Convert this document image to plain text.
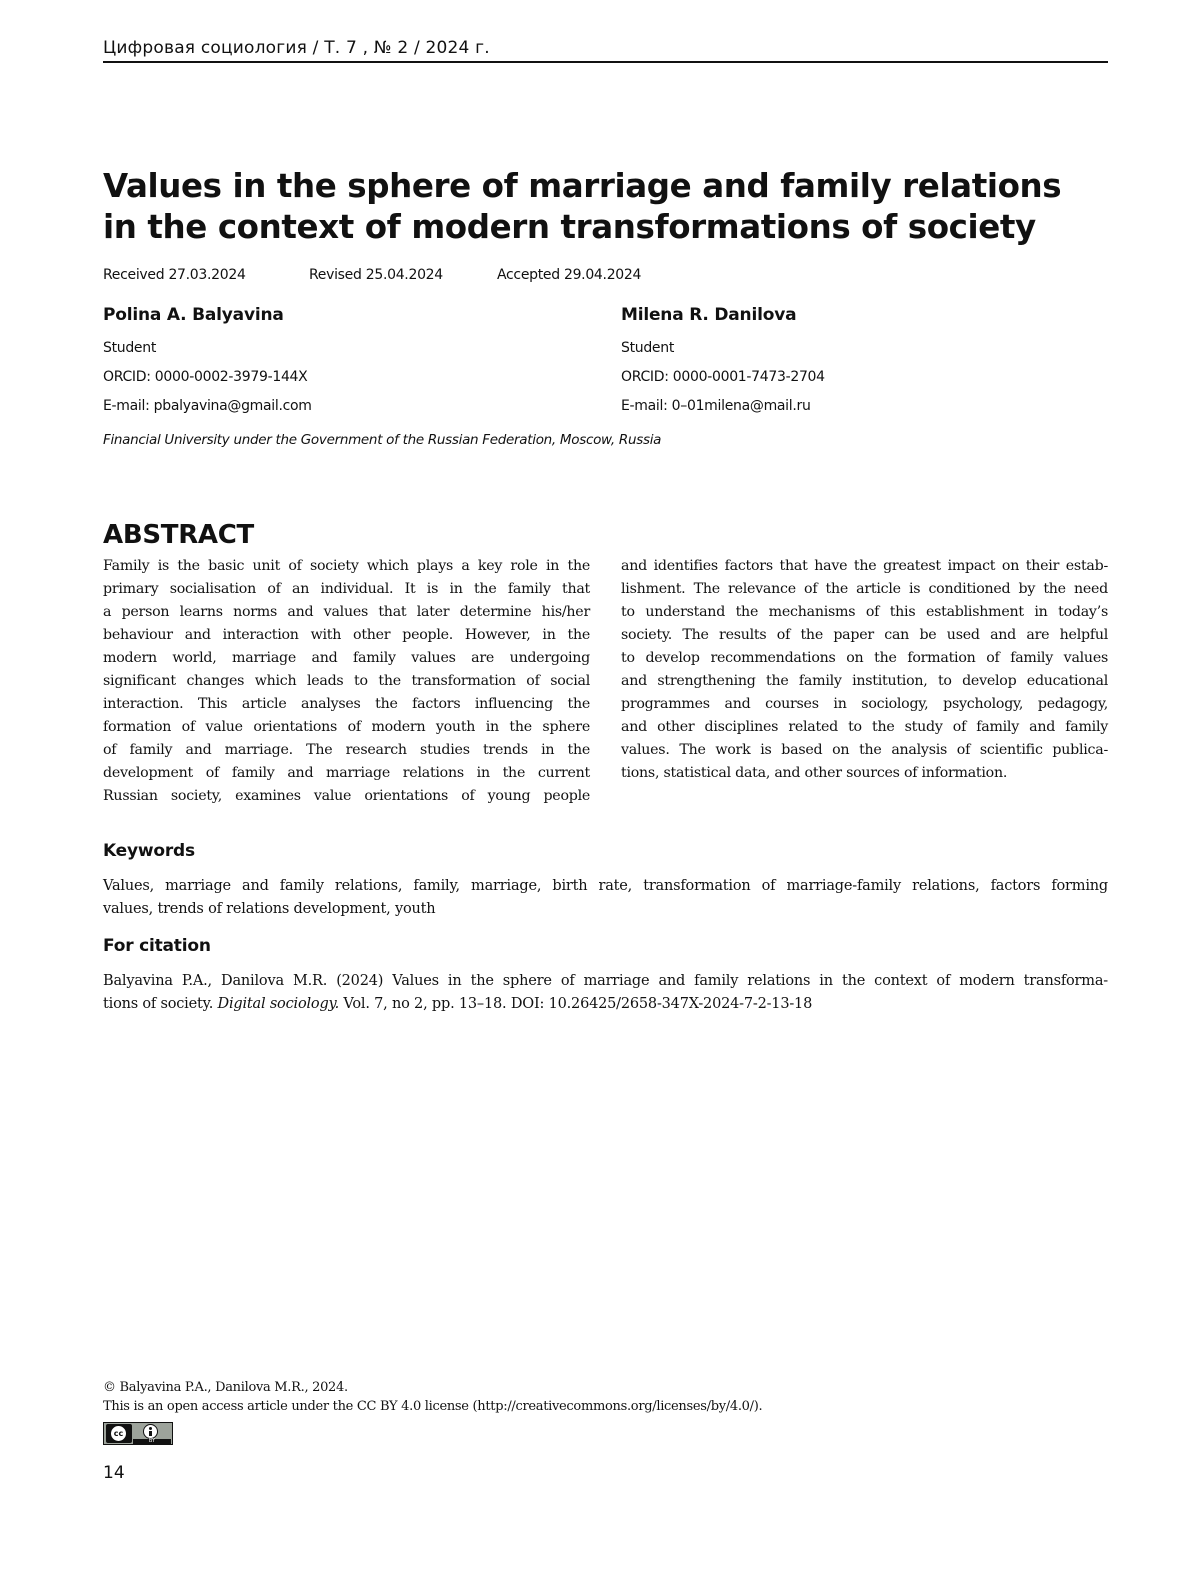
Цифровая социология / Т. 7 , № 2 / 2024 г.
Values in the sphere of marriage and family relations
in the context of modern transformations of society
Received 27.03.2024	Revised 25.04.2024	Accepted 29.04.2024
Polina A. Balyavina
Student
ORCID: 0000-0002-3979-144X
E-mail: pbalyavina@gmail.com
Milena R. Danilova
Student
ORCID: 0000-0001-7473-2704
E-mail: 0–01milena@mail.ru
Financial University under the Government of the Russian Federation, Moscow, Russia
ABSTRACT
Family is the basic unit of society which plays a key role in the
primary socialisation of an individual. It is in the family that
a person learns norms and values that later determine his/her
behaviour and interaction with other people. However, in the
modern world, marriage and family values are undergoing
significant changes which leads to the transformation of social
interaction. This article analyses the factors influencing the
formation of value orientations of modern youth in the sphere
of family and marriage. The research studies trends in the
development of family and marriage relations in the current
Russian society, examines value orientations of young people
and identifies factors that have the greatest impact on their estab-
lishment. The relevance of the article is conditioned by the need
to understand the mechanisms of this establishment in today’s
society. The results of the paper can be used and are helpful
to develop recommendations on the formation of family values
and strengthening the family institution, to develop educational
programmes and courses in sociology, psychology, pedagogy,
and other disciplines related to the study of family and family
values. The work is based on the analysis of scientific publica-
tions, statistical data, and other sources of information.
Keywords
Values, marriage and family relations, family, marriage, birth rate, transformation of marriage-family relations, factors forming
values, trends of relations development, youth
For citation
Balyavina P.A., Danilova M.R. (2024) Values in the sphere of marriage and family relations in the context of modern transforma-
tions of society. Digital sociology. Vol. 7, no 2, pp. 13–18. DOI: 10.26425/2658-347X-2024-7-2-13-18
© Balyavina P.A., Danilova M.R., 2024.
This is an open access article under the CC BY 4.0 license (http://creativecommons.org/licenses/by/4.0/).
cc
BY
14
